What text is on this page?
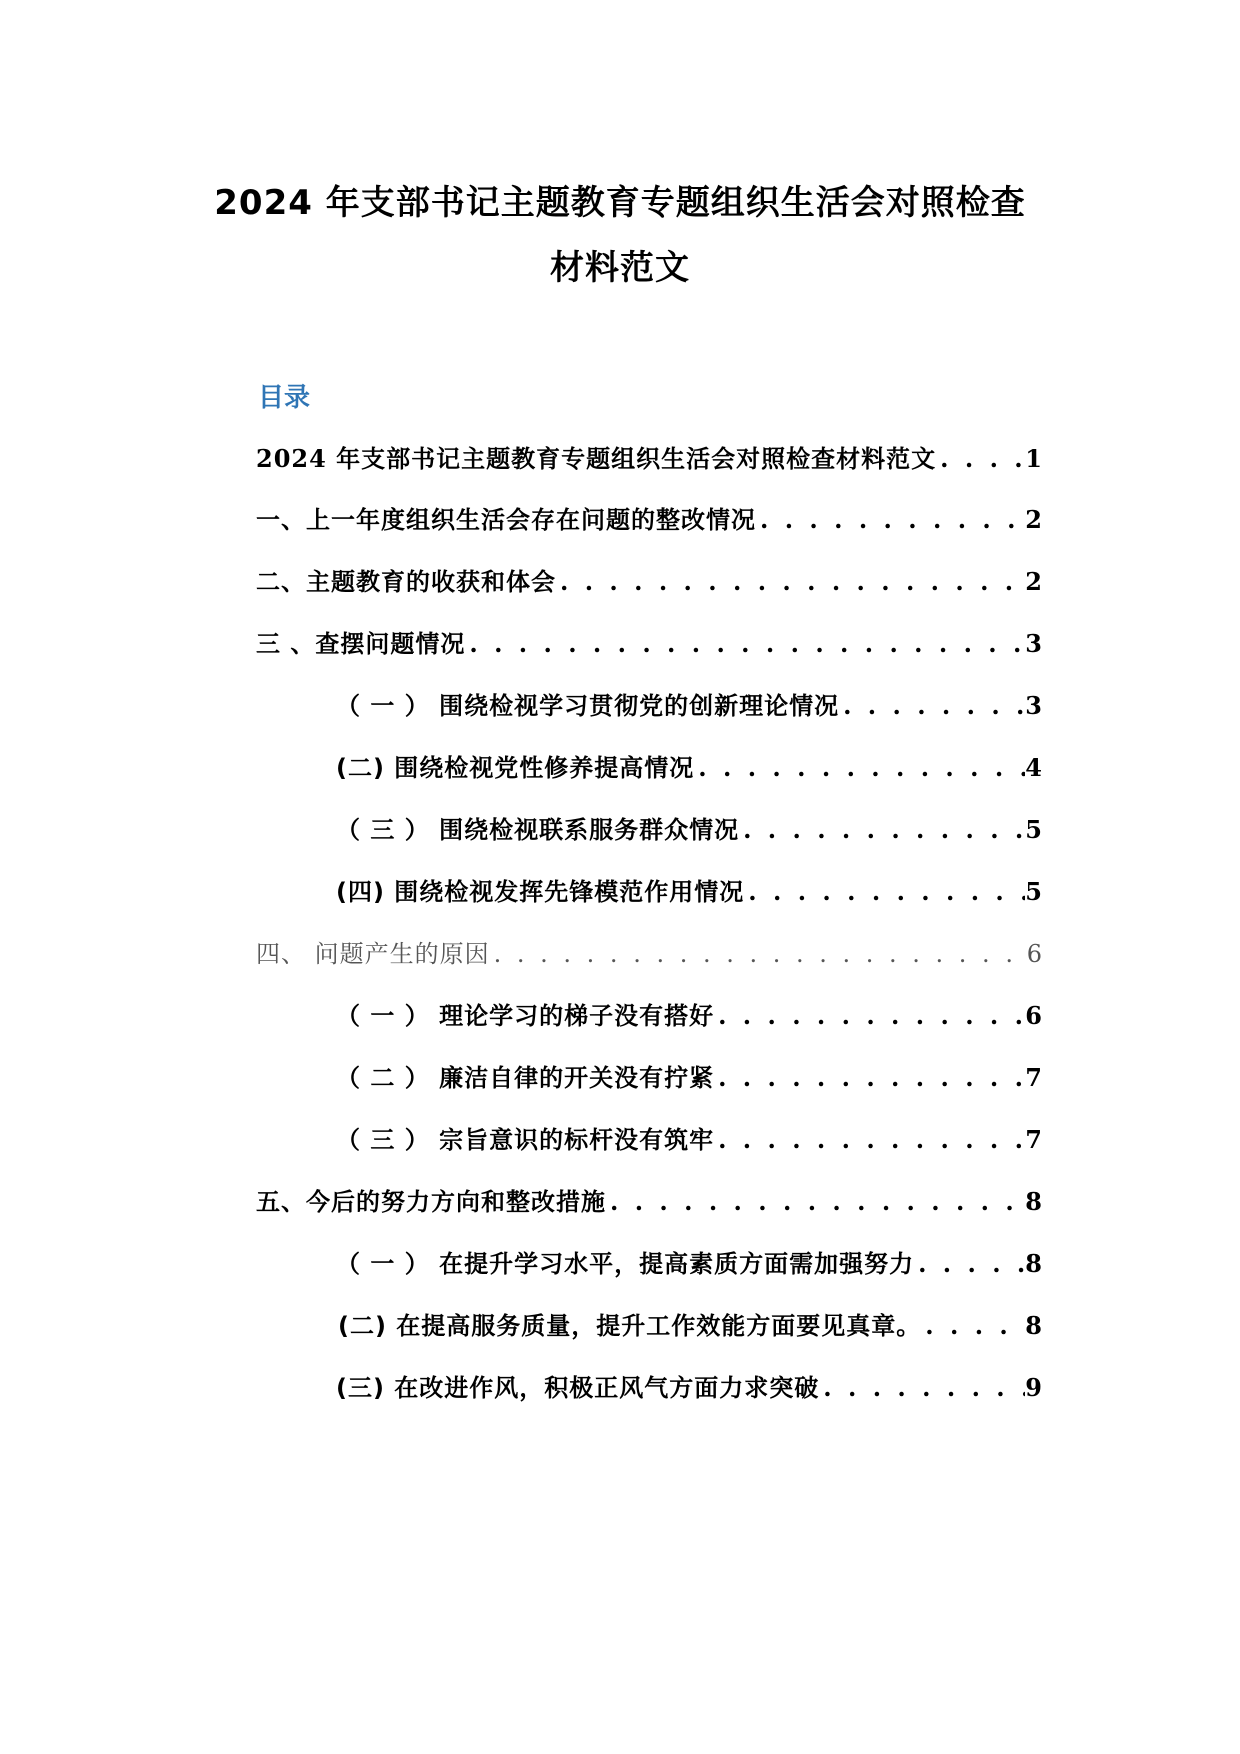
2024 年支部书记主题教育专题组织生活会对照检查
材料范文
目录
2024 年支部书记主题教育专题组织生活会对照检查材料范文 . . .	1
一、上一年度组织生活会存在问题的整改情况 . . .	2
二、主题教育的收获和体会 . . .	2
三 、查摆问题情况 . . .	3
（ 一 ） 围绕检视学习贯彻党的创新理论情况 . . .	3
(二) 围绕检视党性修养提高情况 . . .	4
（ 三 ） 围绕检视联系服务群众情况 . . .	5
(四) 围绕检视发挥先锋模范作用情况 . . .	5
四、 问题产生的原因 . . .	6
（ 一 ） 理论学习的梯子没有搭好 . . .	6
（ 二 ） 廉洁自律的开关没有拧紧 . . .	7
（ 三 ） 宗旨意识的标杆没有筑牢 . . .	7
五、今后的努力方向和整改措施 . . .	8
（ 一 ） 在提升学习水平，提高素质方面需加强努力 . . .	8
(二) 在提高服务质量，提升工作效能方面要见真章。 . . .	8
(三) 在改进作风，积极正风气方面力求突破 . . .	9
